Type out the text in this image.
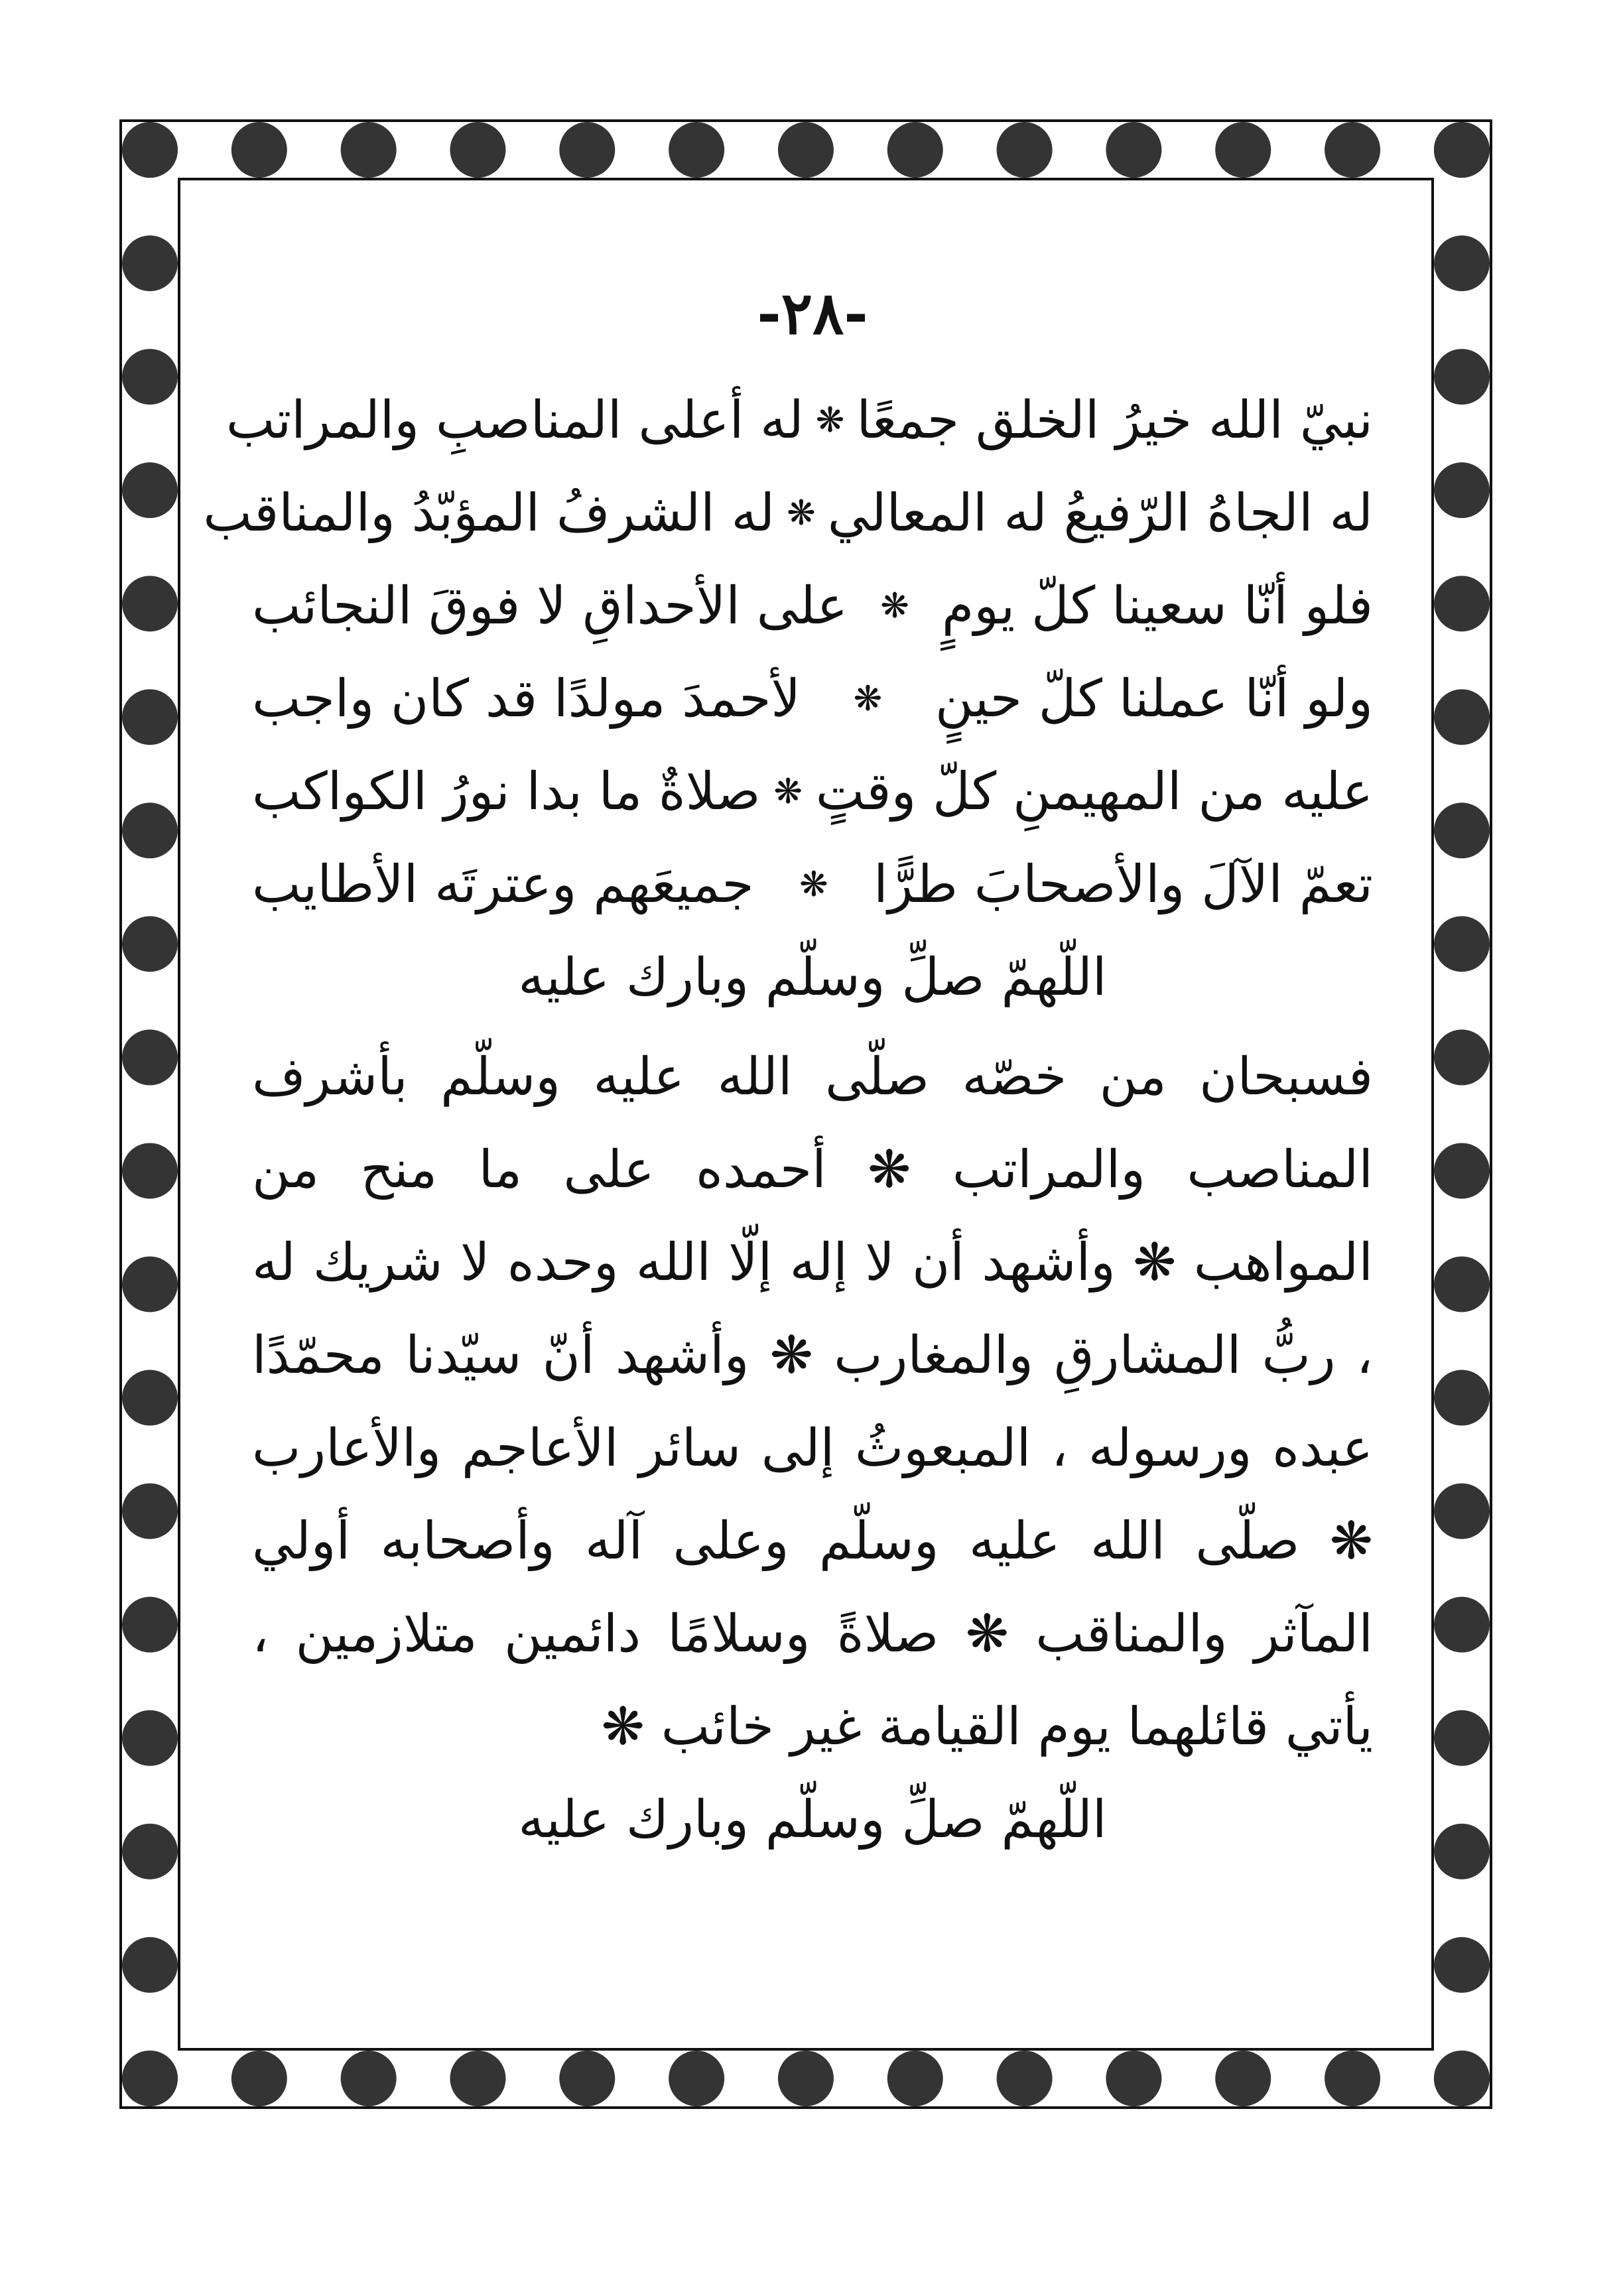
-٢٨-
نبيّ الله خيرُ الخلق جمعًا
❋
له أعلى المناصبِ والمراتب
له الجاهُ الرّفيعُ له المعالي
❋
له الشرفُ المؤبّدُ والمناقب
فلو أنّا سعينا كلّ يومٍ
❋
على الأحداقِ لا فوقَ النجائب
ولو أنّا عملنا كلّ حينٍ
❋
لأحمدَ مولدًا قد كان واجب
عليه من المهيمنِ كلّ وقتٍ
❋
صلاةٌ ما بدا نورُ الكواكب
تعمّ الآلَ والأصحابَ طرًّا
❋
جميعَهم وعترتَه الأطايب
اللّهمّ صلِّ وسلّم وبارك عليه
فسبحان من خصّه صلّى الله عليه وسلّم بأشرف المناصب والمراتب ❋ أحمده على ما منح من المواهب ❋ وأشهد أن لا إله إلّا الله وحده لا شريك له ، ربُّ المشارقِ والمغارب ❋ وأشهد أنّ سيّدنا محمّدًا عبده ورسوله ، المبعوثُ إلى سائر الأعاجم والأعارب ❋ صلّى الله عليه وسلّم وعلى آله وأصحابه أولي المآثر والمناقب ❋ صلاةً وسلامًا دائمين متلازمين ، يأتي قائلهما يوم القيامة غير خائب ❋
اللّهمّ صلِّ وسلّم وبارك عليه
